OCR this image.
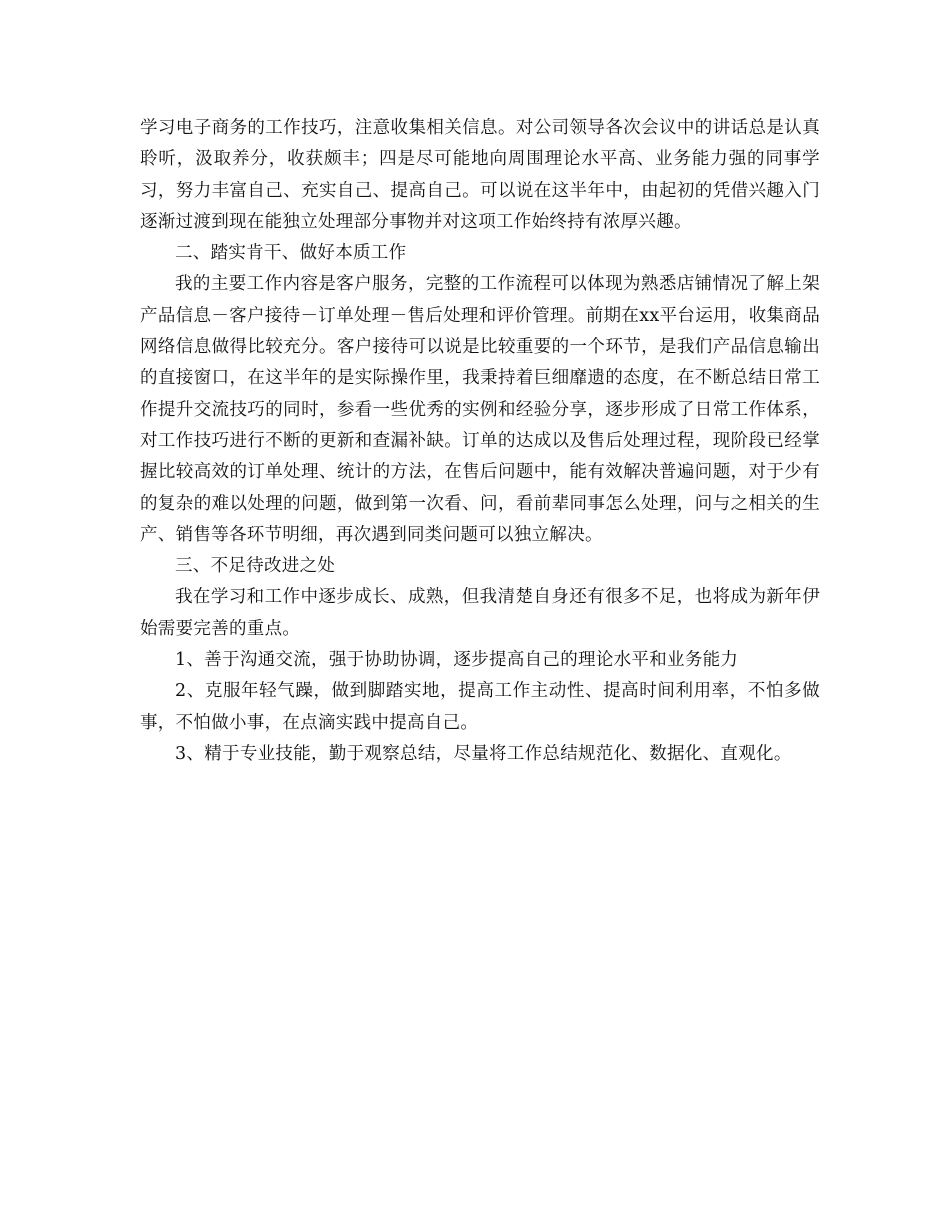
学习电子商务的工作技巧，注意收集相关信息。对公司领导各次会议中的讲话总是认真聆听，汲取养分，收获颇丰；四是尽可能地向周围理论水平高、业务能力强的同事学习，努力丰富自己、充实自己、提高自己。可以说在这半年中，由起初的凭借兴趣入门逐渐过渡到现在能独立处理部分事物并对这项工作始终持有浓厚兴趣。

二、踏实肯干、做好本质工作

我的主要工作内容是客户服务，完整的工作流程可以体现为熟悉店铺情况了解上架产品信息－客户接待－订单处理－售后处理和评价管理。前期在xx平台运用，收集商品网络信息做得比较充分。客户接待可以说是比较重要的一个环节，是我们产品信息输出的直接窗口，在这半年的是实际操作里，我秉持着巨细靡遗的态度，在不断总结日常工作提升交流技巧的同时，参看一些优秀的实例和经验分享，逐步形成了日常工作体系，对工作技巧进行不断的更新和查漏补缺。订单的达成以及售后处理过程，现阶段已经掌握比较高效的订单处理、统计的方法，在售后问题中，能有效解决普遍问题，对于少有的复杂的难以处理的问题，做到第一次看、问，看前辈同事怎么处理，问与之相关的生产、销售等各环节明细，再次遇到同类问题可以独立解决。

三、不足待改进之处

我在学习和工作中逐步成长、成熟，但我清楚自身还有很多不足，也将成为新年伊始需要完善的重点。

1、善于沟通交流，强于协助协调，逐步提高自己的理论水平和业务能力

2、克服年轻气躁，做到脚踏实地，提高工作主动性、提高时间利用率，不怕多做事，不怕做小事，在点滴实践中提高自己。

3、精于专业技能，勤于观察总结，尽量将工作总结规范化、数据化、直观化。
